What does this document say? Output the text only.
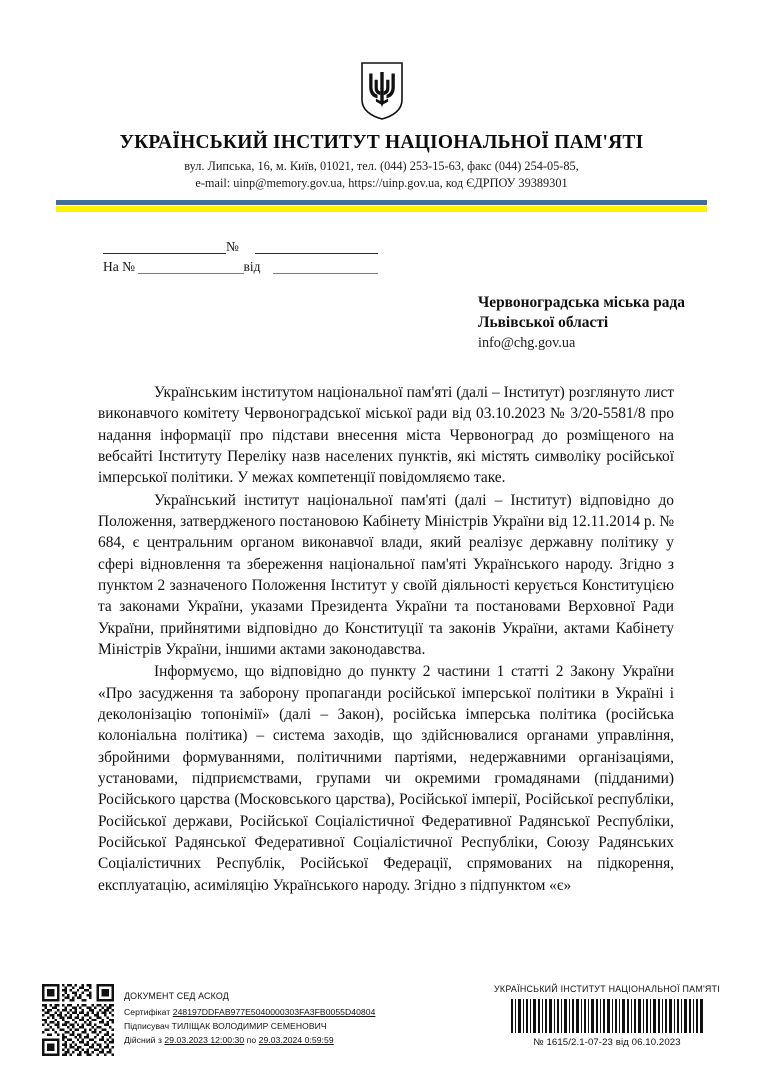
УКРАЇНСЬКИЙ ІНСТИТУТ НАЦІОНАЛЬНОЇ ПАМ'ЯТІ
вул. Липська, 16, м. Київ, 01021, тел. (044) 253-15-63, факс (044) 254-05-85,
e-mail: uinp@memory.gov.ua, https://uinp.gov.ua, код ЄДРПОУ 39389301
№
На №	від
Червоноградська міська рада
Львівської області
info@chg.gov.ua

Українським інститутом національної пам'яті (далі – Інститут) розглянуто лист виконавчого комітету Червоноградської міської ради від 03.10.2023 № 3/20-5581/8 про надання інформації про підстави внесення міста Червоноград до розміщеного на вебсайті Інституту Переліку назв населених пунктів, які містять символіку російської імперської політики. У межах компетенції повідомляємо таке.

Український інститут національної пам'яті (далі – Інститут) відповідно до Положення, затвердженого постановою Кабінету Міністрів України від 12.11.2014 р. № 684, є центральним органом виконавчої влади, який реалізує державну політику у сфері відновлення та збереження національної пам'яті Українського народу. Згідно з пунктом 2 зазначеного Положення Інститут у своїй діяльності керується Конституцією та законами України, указами Президента України та постановами Верховної Ради України, прийнятими відповідно до Конституції та законів України, актами Кабінету Міністрів України, іншими актами законодавства.

Інформуємо, що відповідно до пункту 2 частини 1 статті 2 Закону України «Про засудження та заборону пропаганди російської імперської політики в Україні і деколонізацію топонімії» (далі – Закон), російська імперська політика (російська колоніальна політика) – система заходів, що здійснювалися органами управління, збройними формуваннями, політичними партіями, недержавними організаціями, установами, підприємствами, групами чи окремими громадянами (підданими) Російського царства (Московського царства), Російської імперії, Російської республіки, Російської держави, Російської Соціалістичної Федеративної Радянської Республіки, Російської Радянської Федеративної Соціалістичної Республіки, Союзу Радянських Соціалістичних Республік, Російської Федерації, спрямованих на підкорення, експлуатацію, асиміляцію Українського народу. Згідно з підпунктом «є»

ДОКУМЕНТ СЕД АСКОД
Сертифікат 248197DDFAB977E5040000303FA3FB0055D40804
Підписувач ТИЛІЩАК ВОЛОДИМИР СЕМЕНОВИЧ
Дійсний з 29.03.2023 12:00:30 по 29.03.2024 0:59:59
УКРАЇНСЬКИЙ ІНСТИТУТ НАЦІОНАЛЬНОЇ ПАМ'ЯТІ
№ 1615/2.1-07-23 від 06.10.2023
